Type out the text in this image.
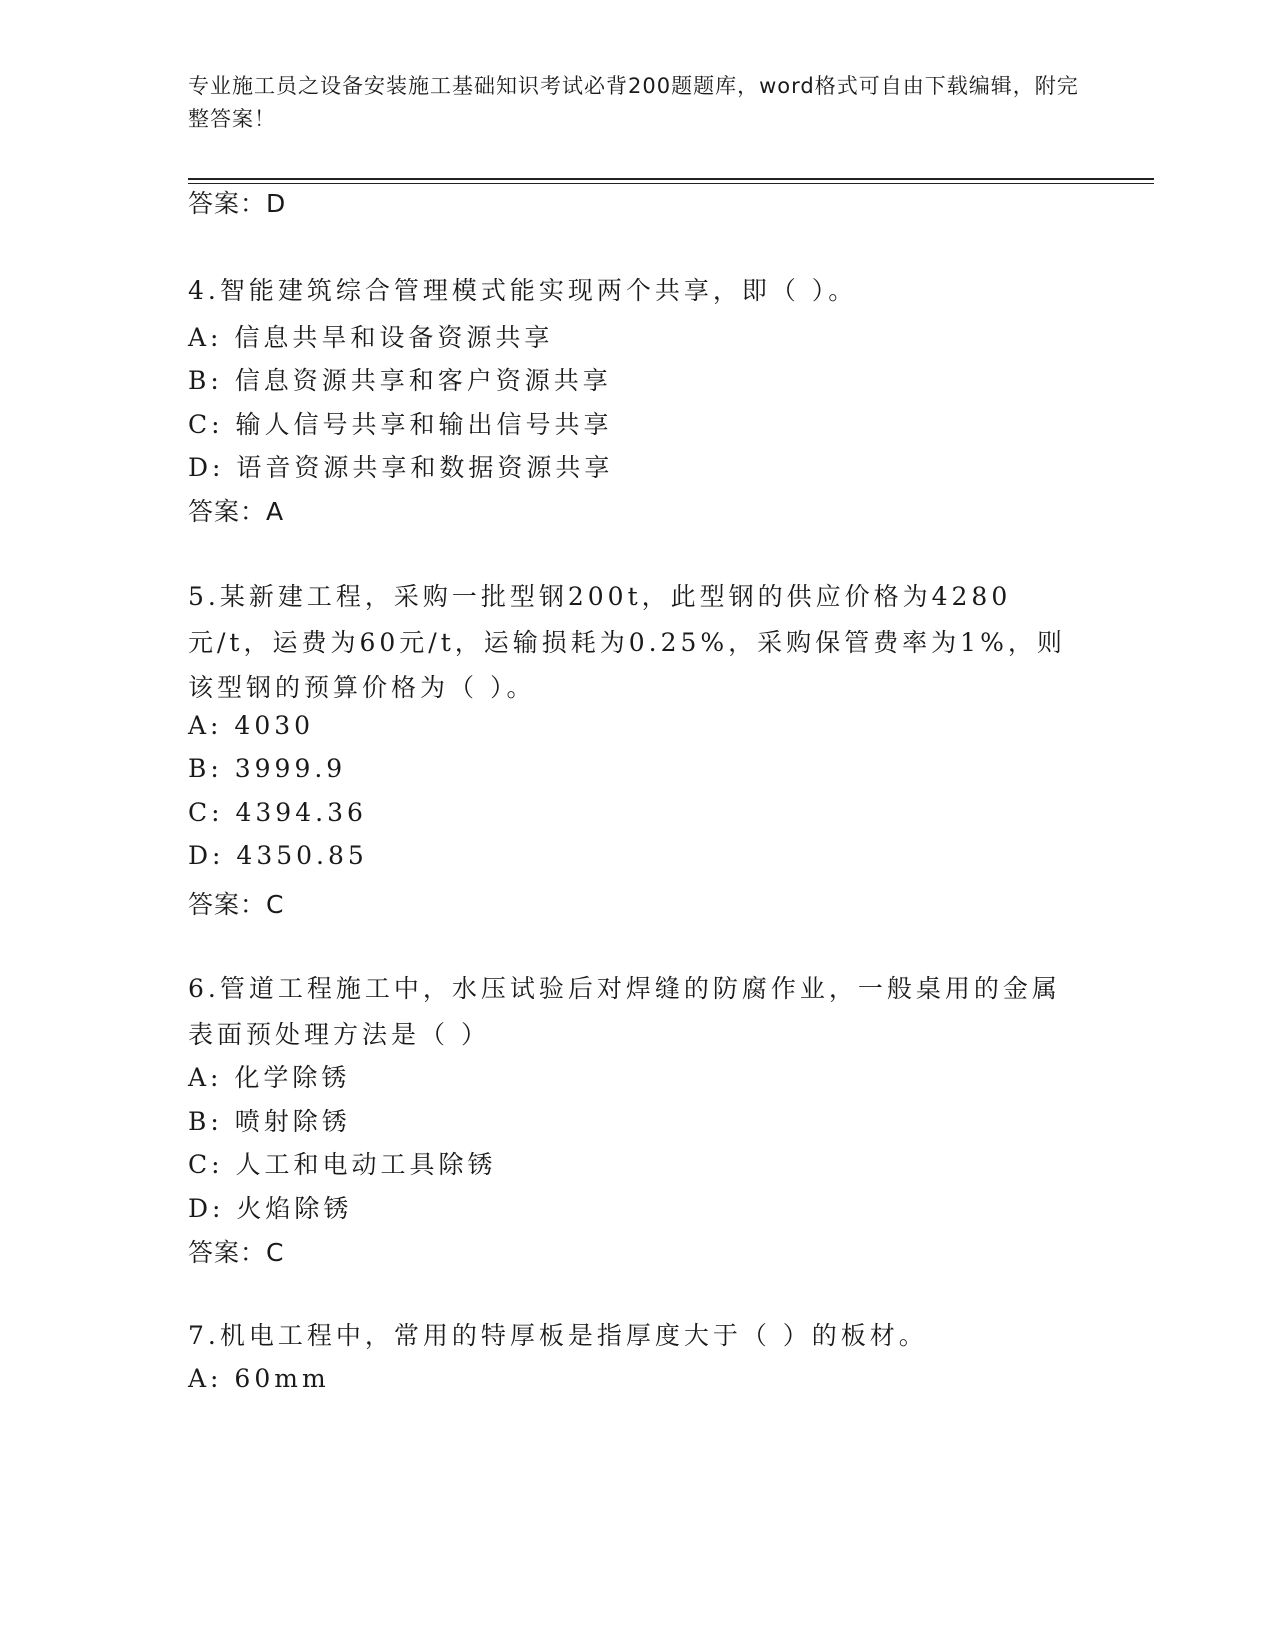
专业施工员之设备安装施工基础知识考试必背200题题库，word格式可自由下载编辑，附完整答案！
答案：D
4.智能建筑综合管理模式能实现两个共享，即（ ）。
A: 信息共旱和设备资源共享
B: 信息资源共享和客户资源共享
C: 输人信号共享和输出信号共享
D: 语音资源共享和数据资源共享
答案：A
5.某新建工程，采购一批型钢200t，此型钢的供应价格为4280元/t，运费为60元/t，运输损耗为0.25%，采购保管费率为1%，则该型钢的预算价格为（ ）。
A: 4030
B: 3999.9
C: 4394.36
D: 4350.85
答案：C
6.管道工程施工中，水压试验后对焊缝的防腐作业，一般桌用的金属表面预处理方法是（ ）
A: 化学除锈
B: 喷射除锈
C: 人工和电动工具除锈
D: 火焰除锈
答案：C
7.机电工程中，常用的特厚板是指厚度大于（ ）的板材。
A: 60mm
